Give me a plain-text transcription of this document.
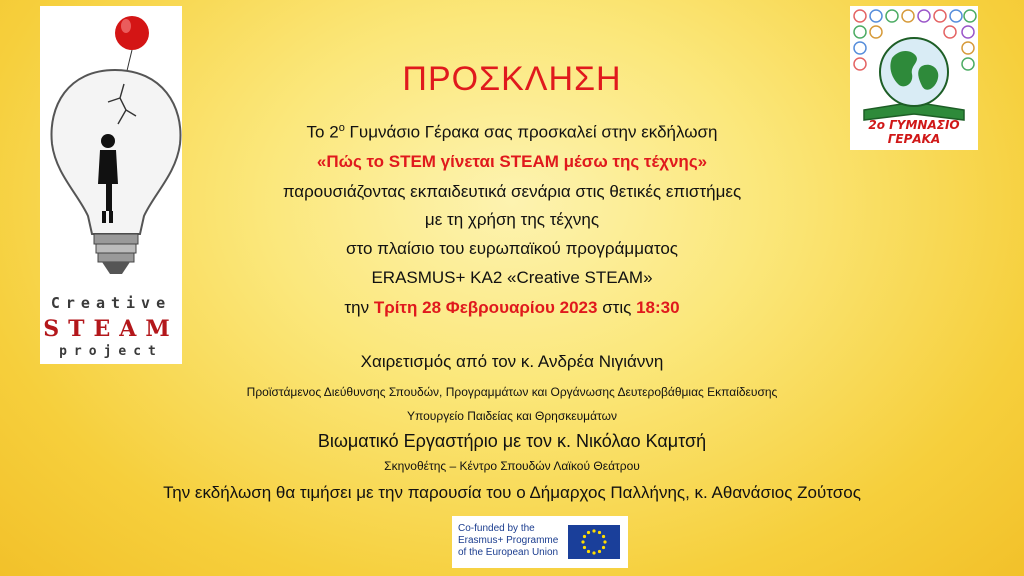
Creative
STEAM
project
2ο ΓΥΜΝΑΣΙΟ ΓΕΡΑΚΑ
ΠΡΟΣΚΛΗΣΗ
Το $2^o$ Γυμνάσιο Γέρακα σας προσκαλεί στην εκδήλωση
«Πώς το STEM γίνεται STEAM μέσω της τέχνης»
παρουσιάζοντας εκπαιδευτικά σενάρια στις θετικές επιστήμες
με τη χρήση της τέχνης
στο πλαίσιο του ευρωπαϊκού προγράμματος
ERASMUS+ KA2 «Creative STEAM»
την Τρίτη 28 Φεβρουαρίου 2023 στις 18:30
Χαιρετισμός από τον κ. Ανδρέα Νιγιάννη
Προϊστάμενος Διεύθυνσης Σπουδών, Προγραμμάτων και Οργάνωσης Δευτεροβάθμιας Εκπαίδευσης
Υπουργείο Παιδείας και Θρησκευμάτων
Βιωματικό Εργαστήριο με τον κ. Νικόλαο Καμτσή
Σκηνοθέτης – Κέντρο Σπουδών Λαϊκού Θεάτρου
Την εκδήλωση θα τιμήσει με την παρουσία του ο Δήμαρχος Παλλήνης, κ. Αθανάσιος Ζούτσος
Co-funded by the
Erasmus+ Programme
of the European Union
